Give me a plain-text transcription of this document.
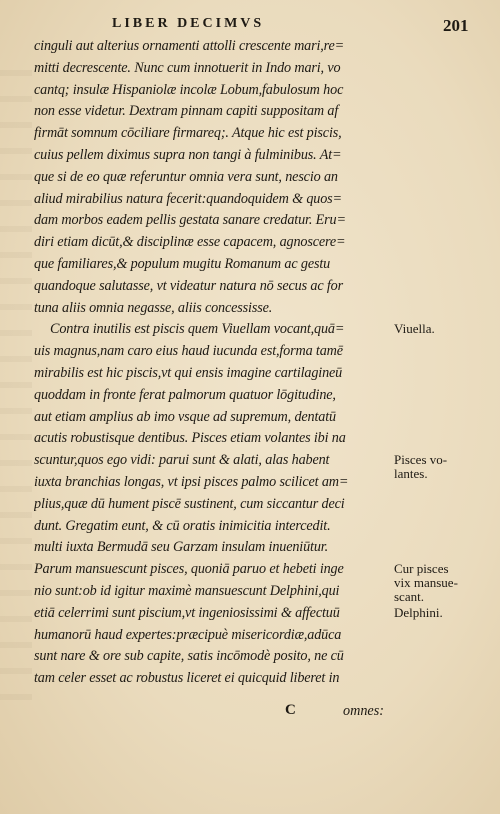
LIBER DECIMVS	201
cinguli aut alterius ornamenti attolli crescente mari,re=
mitti decrescente. Nunc cum innotuerit in Indo mari, vo
cantq; insulæ Hispaniolæ incolæ Lobum,fabulosum hoc
non esse videtur. Dextram pinnam capiti suppositam af
firmāt somnum cōciliare firmareq;. Atque hic est piscis,
cuius pellem diximus supra non tangi à fulminibus. At=
que si de eo quæ referuntur omnia vera sunt, nescio an
aliud mirabilius natura fecerit:quandoquidem & quos=
dam morbos eadem pellis gestata sanare credatur. Eru=
diri etiam dicūt,& disciplinæ esse capacem, agnoscere=
que familiares,& populum mugitu Romanum ac gestu
quandoque salutasse, vt videatur natura nō secus ac for
tuna aliis omnia negasse, aliis concessisse.
Contra inutilis est piscis quem Viuellam vocant,quā=
uis magnus,nam caro eius haud iucunda est,forma tamē
mirabilis est hic piscis,vt qui ensis imagine cartilagineū
quoddam in fronte ferat palmorum quatuor lōgitudine,
aut etiam amplius ab imo vsque ad supremum, dentatū
acutis robustisque dentibus. Pisces etiam volantes ibi na
scuntur,quos ego vidi: parui sunt & alati, alas habent
iuxta branchias longas, vt ipsi pisces palmo scilicet am=
plius,quæ dū hument piscē sustinent, cum siccantur deci
dunt. Gregatim eunt, & cū oratis inimicitia intercedit.
multi iuxta Bermudā seu Garzam insulam inueniūtur.
Parum mansuescunt pisces, quoniā paruo et hebeti inge
nio sunt:ob id igitur maximè mansuescunt Delphini,qui
etiā celerrimi sunt piscium,vt ingeniosissimi & affectuū
humanorū haud expertes:præcipuè misericordiæ,adūca
sunt nare & ore sub capite, satis incōmodè posito, ne cū
tam celer esset ac robustus liceret ei quicquid liberet in
Viuella.
Pisces vo-
lantes.
Cur pisces
vix mansue-
scant.
Delphini.
C	omnes:
